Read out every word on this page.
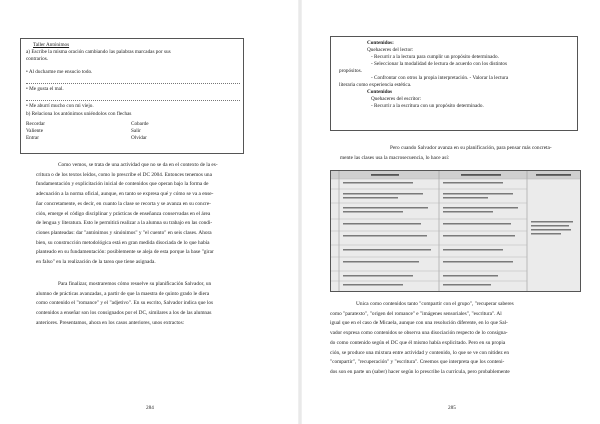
Taller Antónimos
a) Escribe la misma oración cambiando las palabras marcadas por sus
contrarios.
• Al ducharme me ensucio todo.
• Me gusta el mal.
• Me aburrí mucho con mi viejo.
b) Relaciona los antónimos uniéndolos con flechas
Recordar
Valiente
Entrar
Cobarde
Salir
Olvidar
Como vemos, se trata de una actividad que no se da en el contexto de la es-
critura o de los textos leídos, como lo prescribe el DC 2004. Entonces tenemos una
fundamentación y explicitación inicial de contenidos que operan bajo la forma de
adecuación a la norma oficial, aunque, en tanto se expresa qué y cómo se va a ense-
ñar concretamente, es decir, en cuanto la clase se recorta y se avanza en su concre-
ción, emerge el código disciplinar y prácticas de enseñanza conservadas en el área
de lengua y literatura. Esto le permitirá realizar a la alumna su trabajo en las condi-
ciones planteadas: dar "antónimos y sinónimos" y "el cuento" en seis clases. Ahora
bien, su construcción metodológica está en gran medida disociada de lo que había
planteado en su fundamentación: posiblemente se aleja de esta porque la base "girar
en falso" en la realización de la tarea que tiene asignada.
Para finalizar, mostraremos cómo resuelve su planificación Salvador, un
alumno de prácticas avanzadas, a partir de que la maestra de quinto grado le diera
como contenido el "romance" y el "adjetivo". En su escrito, Salvador indica que los
contenidos a enseñar son los consignados por el DC, similares a los de las alumnas
anteriores. Presentamos, ahora en los casos anteriores, unos extractos:
284
Contenidos:
Quehaceres del lector:
- Recurrir a la lectura para cumplir un propósito determinado.
- Seleccionar la modalidad de lectura de acuerdo con los distintos
propósitos.
- Confrontar con otros la propia interpretación. - Valorar la lectura
literaria como experiencia estética.
Contenidos
Quehaceres del escritor:
- Recurrir a la escritura con un propósito determinado.
Pero cuando Salvador avanza en su planificación, para pensar más concreta-
mente las clases usa la macrosecuencia, lo hace así:
Unica como contenidos tanto "compartir con el grupo", "recuperar saberes
como "paratexto", "origen del romance" e "imágenes sensoriales", "escritura". Al
igual que en el caso de Micaela, aunque con una resolución diferente, en lo que Sal-
vador expresa como contenidos se observa una disociación respecto de lo consigna-
do como contenido según el DC que él mismo había explicitado. Pero en su propia
ción, se produce una mixtura entre actividad y contenido, lo que se ve con nitidez en
"compartir", "recuperación" y "escritura". Creemos que interpreta que los conteni-
dos son en parte un (saber) hacer según lo prescribe la currícula, pero probablemente
285
